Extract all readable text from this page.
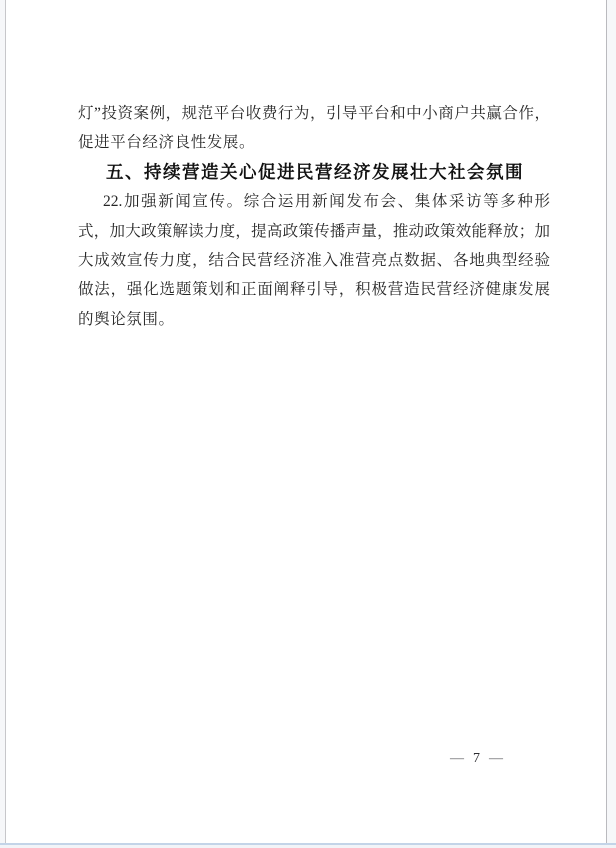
灯”投资案例，规范平台收费行为，引导平台和中小商户共赢合作，
促进平台经济良性发展。
五、持续营造关心促进民营经济发展壮大社会氛围
22.加强新闻宣传。综合运用新闻发布会、集体采访等多种形
式，加大政策解读力度，提高政策传播声量，推动政策效能释放；加
大成效宣传力度，结合民营经济准入准营亮点数据、各地典型经验
做法，强化选题策划和正面阐释引导，积极营造民营经济健康发展
的舆论氛围。
— 7 —
